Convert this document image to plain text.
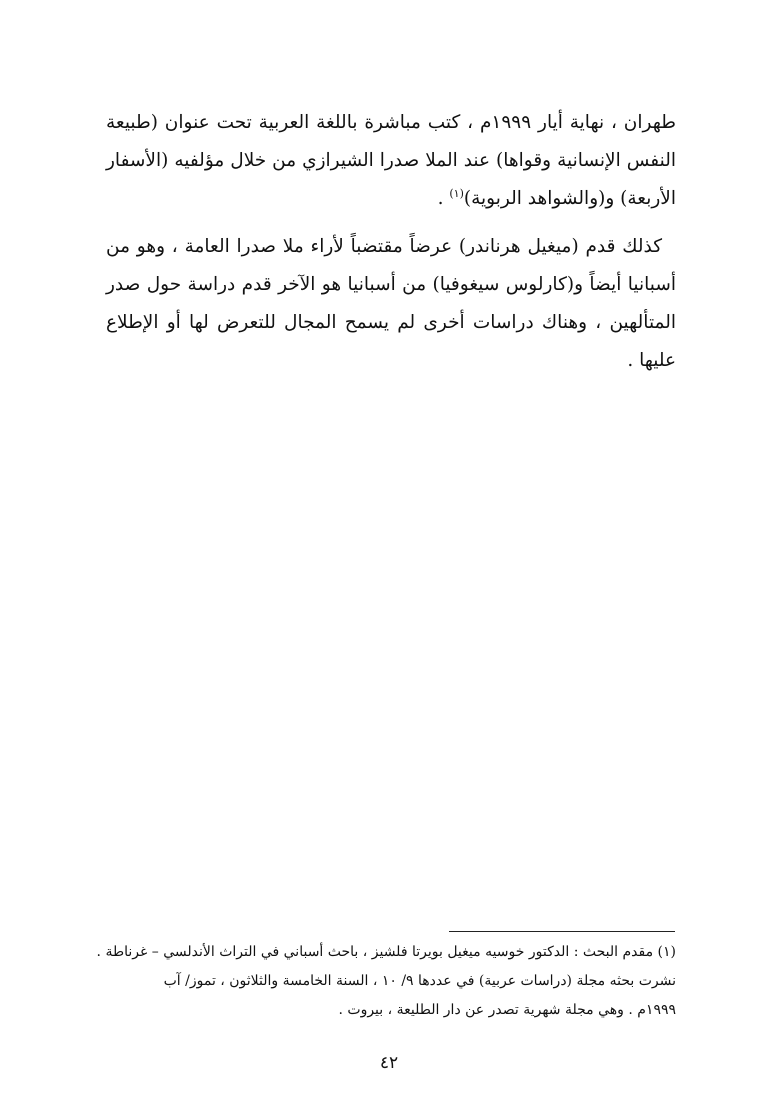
طهران ، نهاية أيار ١٩٩٩م ، كتب مباشرة باللغة العربية تحت عنوان (طبيعة النفس الإنسانية وقواها) عند الملا صدرا الشيرازي من خلال مؤلفيه (الأسفار الأربعة) و(والشواهد الربوية)$^{(١)}$ .

كذلك قدم (ميغيل هرناندر) عرضاً مقتضباً لأراء ملا صدرا العامة ، وهو من أسبانيا أيضاً و(كارلوس سيغوفيا) من أسبانيا هو الآخر قدم دراسة حول صدر المتألهين ، وهناك دراسات أخرى لم يسمح المجال للتعرض لها أو الإطلاع عليها .

(١) مقدم البحث : الدكتور خوسيه ميغيل بويرتا فلشيز ، باحث أسباني في التراث الأندلسي – غرناطة .

نشرت بحثه مجلة (دراسات عربية) في عددها ٩/ ١٠ ، السنة الخامسة والثلاثون ، تموز/ آب

١٩٩٩م . وهي مجلة شهرية تصدر عن دار الطليعة ، بيروت .

٤٢
